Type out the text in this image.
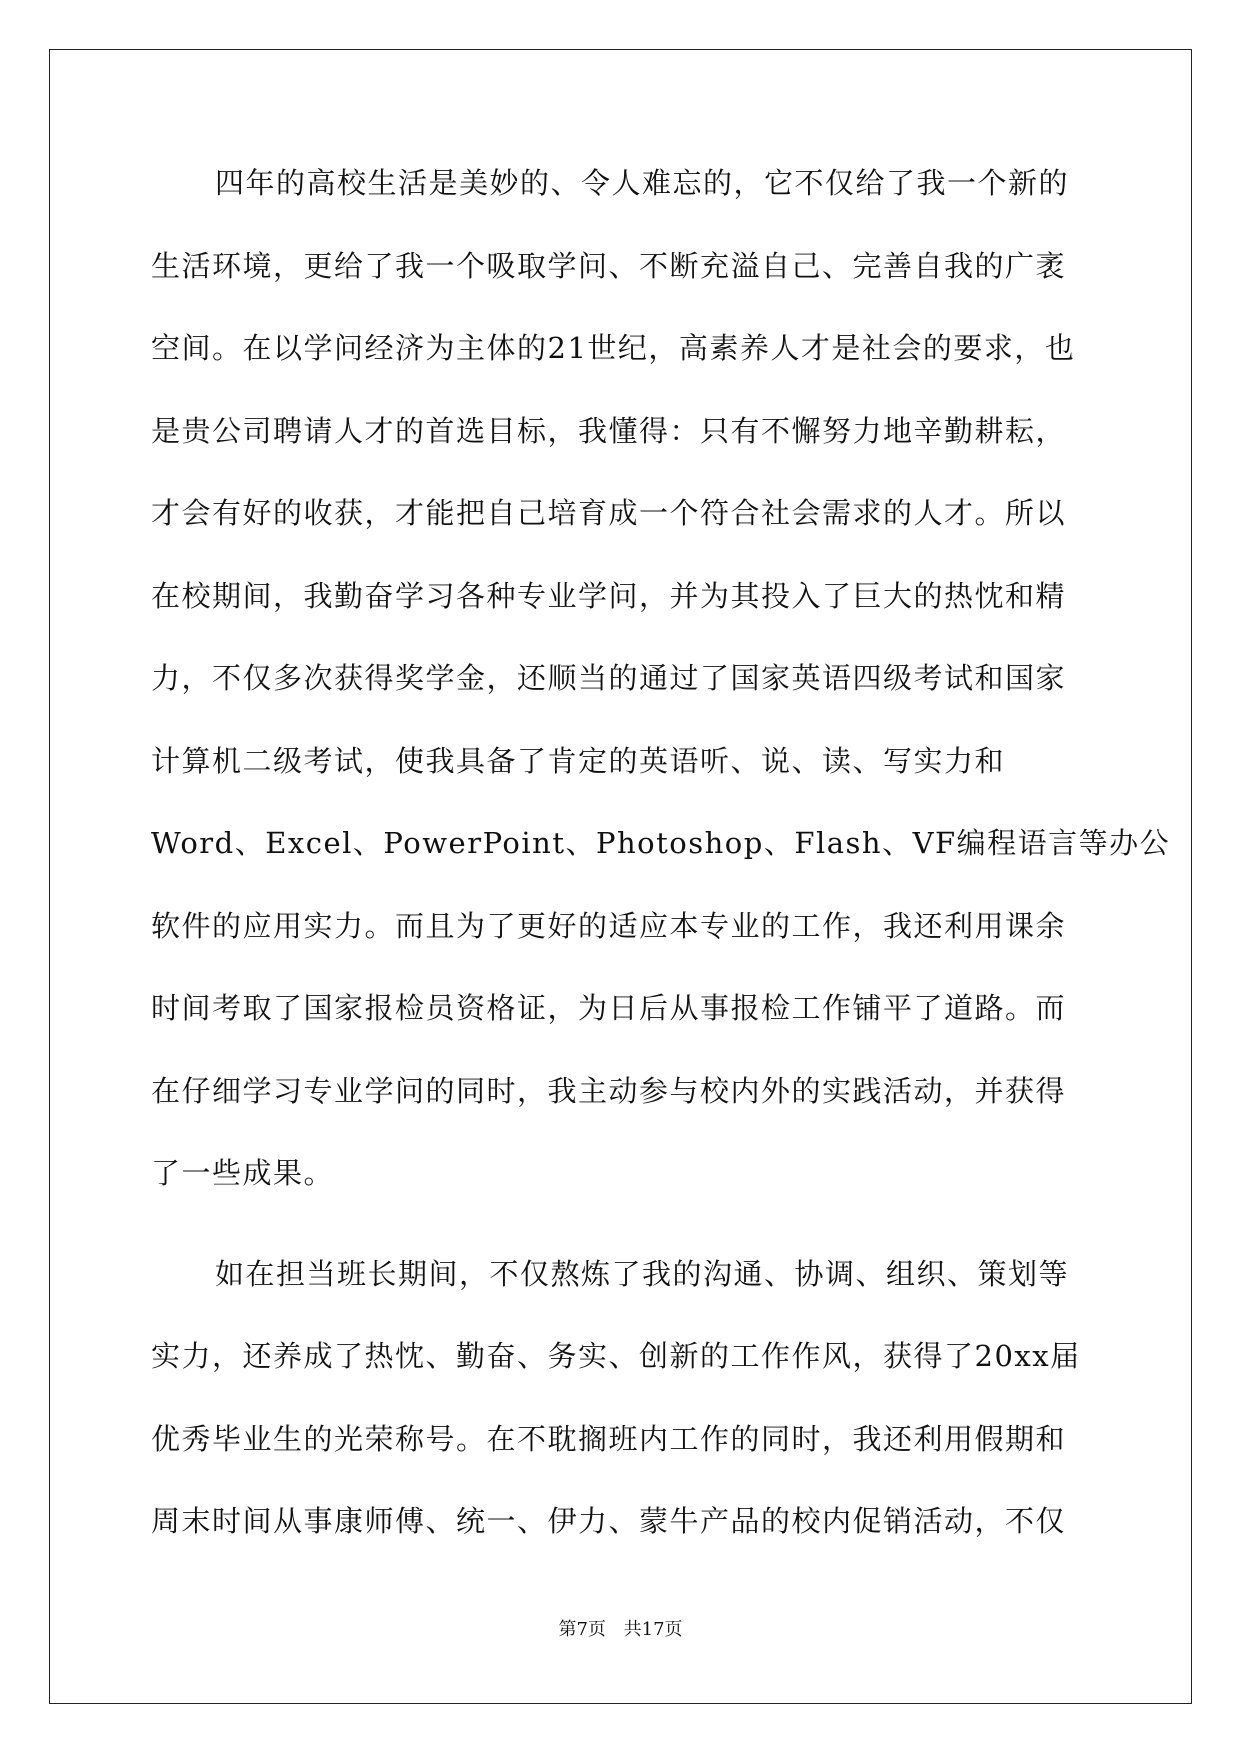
四年的高校生活是美妙的、令人难忘的，它不仅给了我一个新的
生活环境，更给了我一个吸取学问、不断充溢自己、完善自我的广袤
空间。在以学问经济为主体的21世纪，高素养人才是社会的要求，也
是贵公司聘请人才的首选目标，我懂得：只有不懈努力地辛勤耕耘，
才会有好的收获，才能把自己培育成一个符合社会需求的人才。所以
在校期间，我勤奋学习各种专业学问，并为其投入了巨大的热忱和精
力，不仅多次获得奖学金，还顺当的通过了国家英语四级考试和国家
计算机二级考试，使我具备了肯定的英语听、说、读、写实力和
Word、Excel、PowerPoint、Photoshop、Flash、VF编程语言等办公
软件的应用实力。而且为了更好的适应本专业的工作，我还利用课余
时间考取了国家报检员资格证，为日后从事报检工作铺平了道路。而
在仔细学习专业学问的同时，我主动参与校内外的实践活动，并获得
了一些成果。
如在担当班长期间，不仅熬炼了我的沟通、协调、组织、策划等
实力，还养成了热忱、勤奋、务实、创新的工作作风，获得了20xx届
优秀毕业生的光荣称号。在不耽搁班内工作的同时，我还利用假期和
周末时间从事康师傅、统一、伊力、蒙牛产品的校内促销活动，不仅
第7页 共17页
